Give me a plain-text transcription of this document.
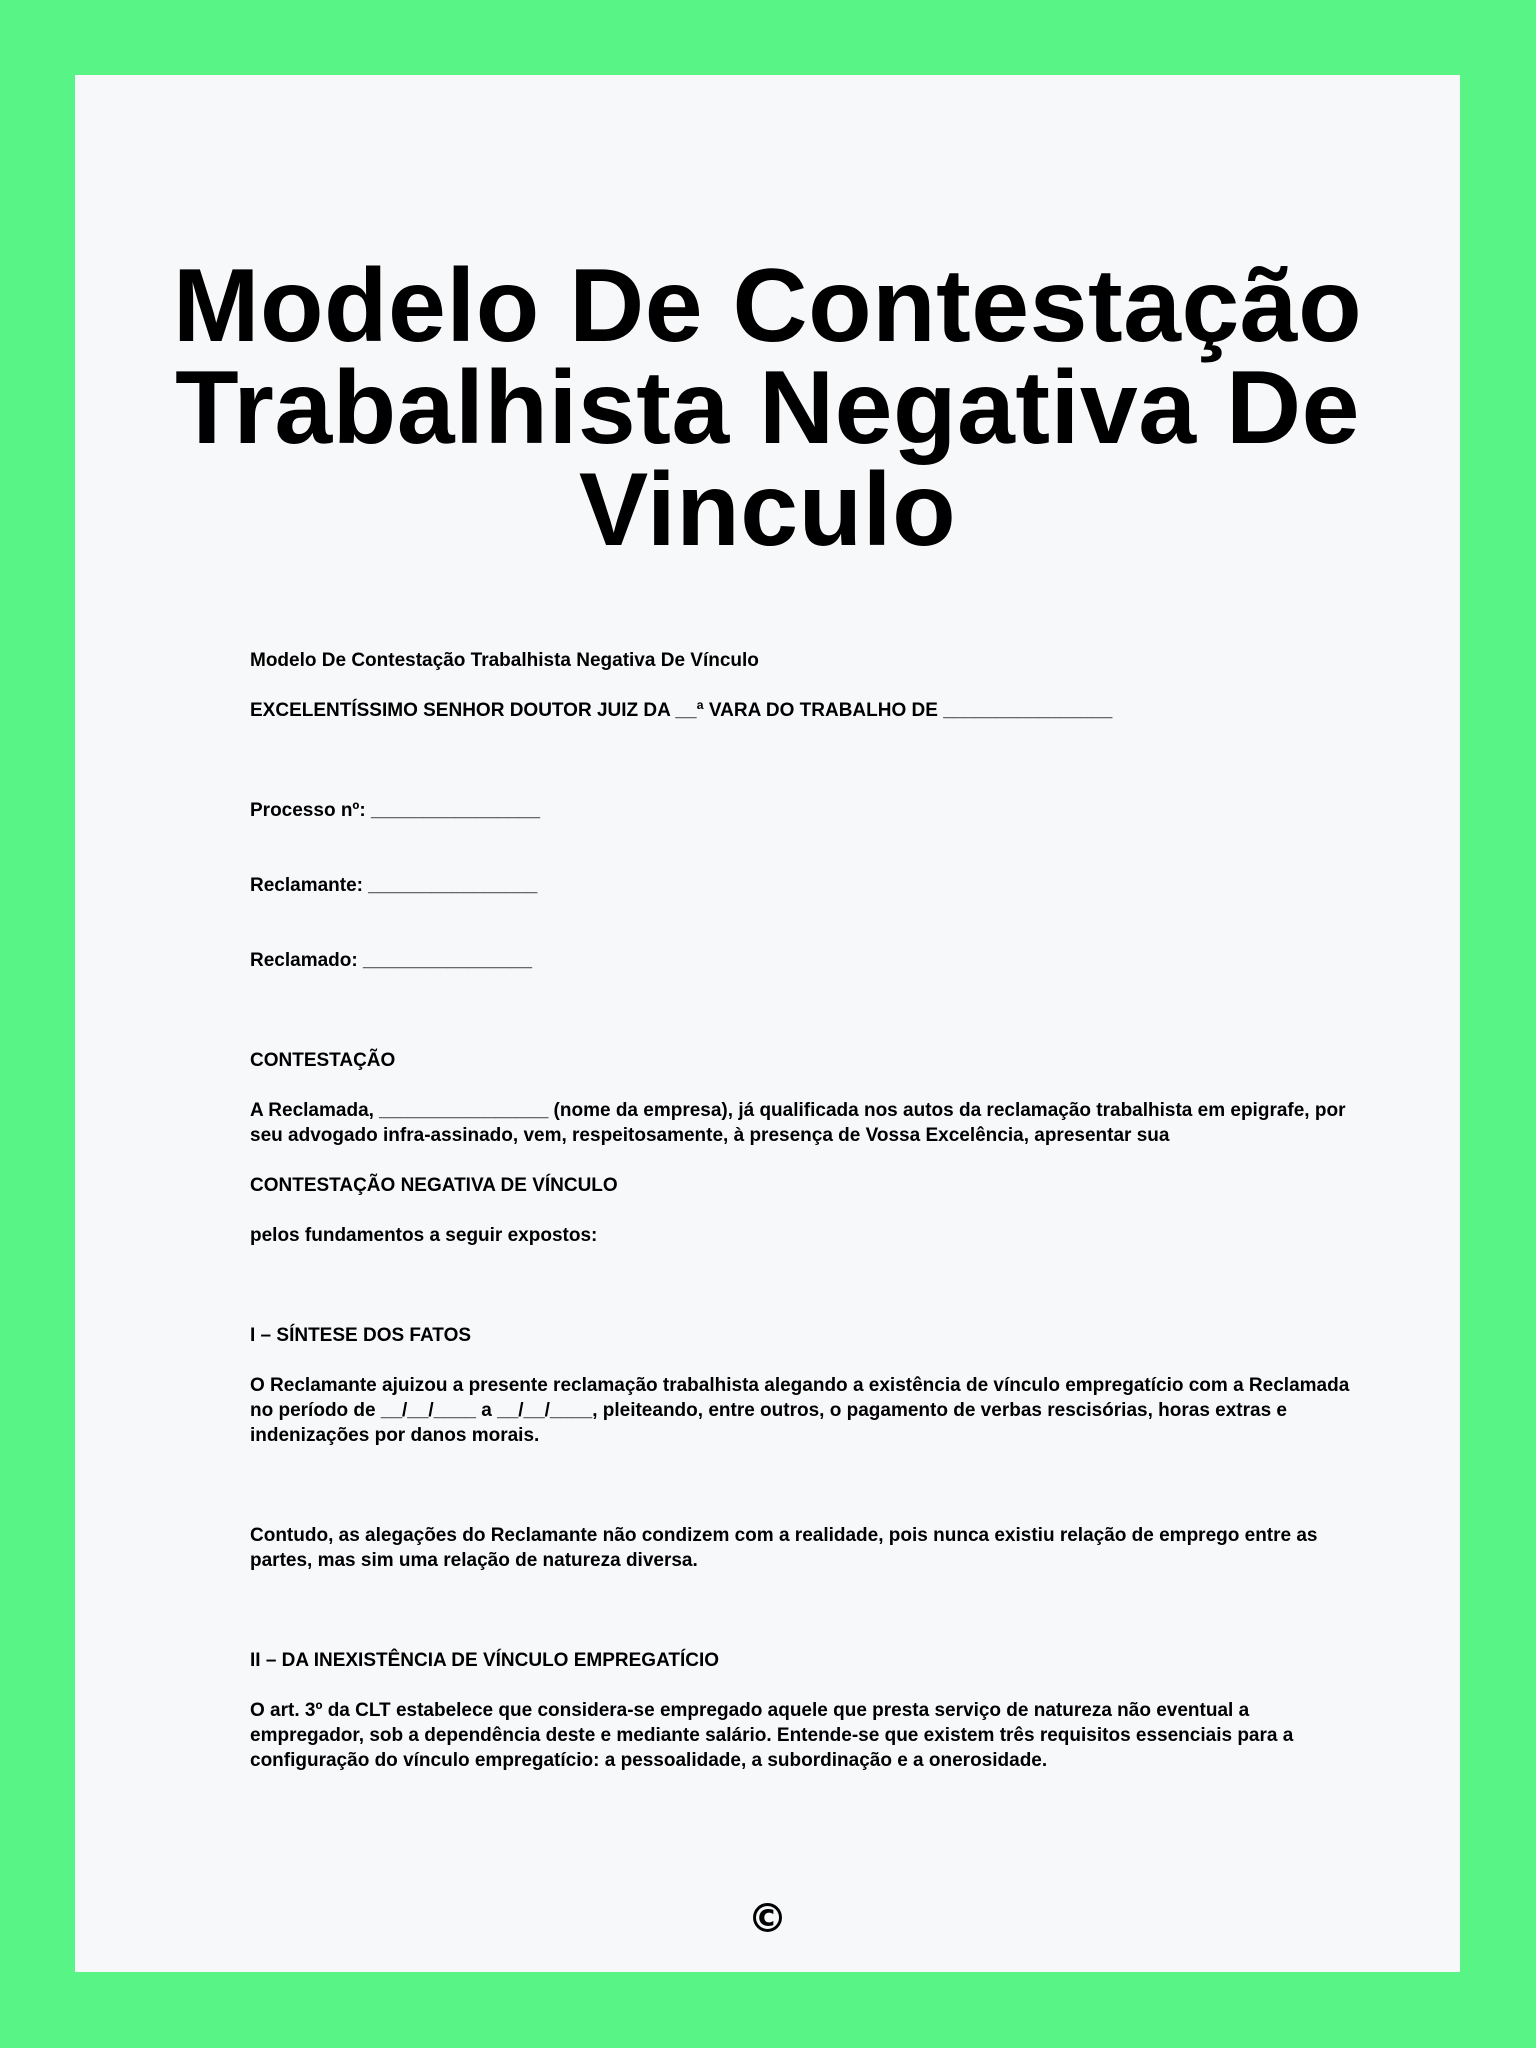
Modelo De Contestação Trabalhista Negativa De Vinculo

Modelo De Contestação Trabalhista Negativa De Vínculo

EXCELENTÍSSIMO SENHOR DOUTOR JUIZ DA __ª VARA DO TRABALHO DE ________________

Processo nº: ________________

Reclamante: ________________

Reclamado: ________________

CONTESTAÇÃO

A Reclamada, ________________ (nome da empresa), já qualificada nos autos da reclamação trabalhista em epigrafe, por seu advogado infra-assinado, vem, respeitosamente, à presença de Vossa Excelência, apresentar sua

CONTESTAÇÃO NEGATIVA DE VÍNCULO

pelos fundamentos a seguir expostos:

I – SÍNTESE DOS FATOS

O Reclamante ajuizou a presente reclamação trabalhista alegando a existência de vínculo empregatício com a Reclamada no período de __/__/____ a __/__/____, pleiteando, entre outros, o pagamento de verbas rescisórias, horas extras e indenizações por danos morais.

Contudo, as alegações do Reclamante não condizem com a realidade, pois nunca existiu relação de emprego entre as partes, mas sim uma relação de natureza diversa.

II – DA INEXISTÊNCIA DE VÍNCULO EMPREGATÍCIO

O art. 3º da CLT estabelece que considera-se empregado aquele que presta serviço de natureza não eventual a empregador, sob a dependência deste e mediante salário. Entende-se que existem três requisitos essenciais para a configuração do vínculo empregatício: a pessoalidade, a subordinação e a onerosidade.

©
